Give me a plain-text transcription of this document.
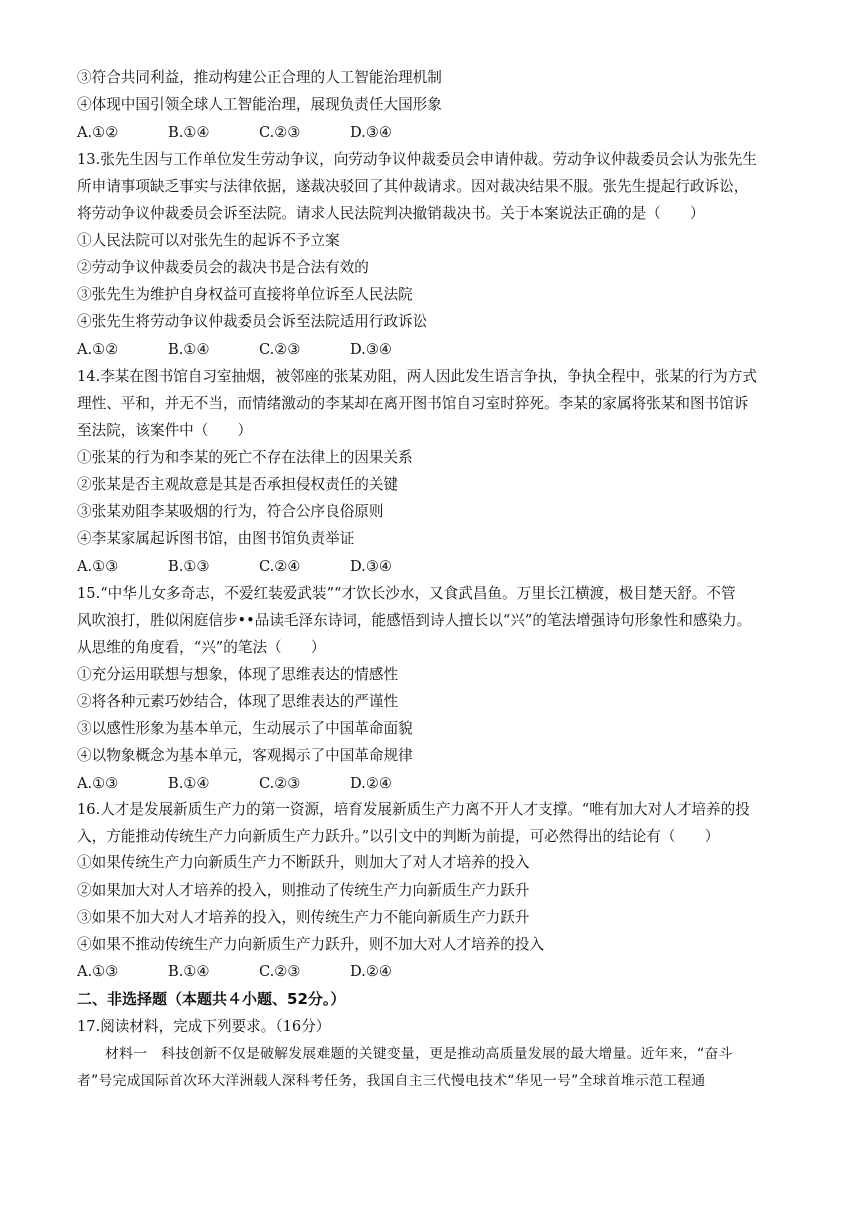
③符合共同利益，推动构建公正合理的人工智能治理机制
④体现中国引领全球人工智能治理，展现负责任大国形象
A.①②	B.①④	C.②③	D.③④
13.张先生因与工作单位发生劳动争议，向劳动争议仲裁委员会申请仲裁。劳动争议仲裁委员会认为张先生
所申请事项缺乏事实与法律依据，遂裁决驳回了其仲裁请求。因对裁决结果不服。张先生提起行政诉讼，
将劳动争议仲裁委员会诉至法院。请求人民法院判决撤销裁决书。关于本案说法正确的是（　　）
①人民法院可以对张先生的起诉不予立案
②劳动争议仲裁委员会的裁决书是合法有效的
③张先生为维护自身权益可直接将单位诉至人民法院
④张先生将劳动争议仲裁委员会诉至法院适用行政诉讼
A.①②	B.①④	C.②③	D.③④
14.李某在图书馆自习室抽烟，被邻座的张某劝阻，两人因此发生语言争执，争执全程中，张某的行为方式
理性、平和，并无不当，而情绪激动的李某却在离开图书馆自习室时猝死。李某的家属将张某和图书馆诉
至法院，该案件中（　　）
①张某的行为和李某的死亡不存在法律上的因果关系
②张某是否主观故意是其是否承担侵权责任的关键
③张某劝阻李某吸烟的行为，符合公序良俗原则
④李某家属起诉图书馆，由图书馆负责举证
A.①③	B.①③	C.②④	D.③④
15.“中华儿女多奇志，不爱红装爱武装”“才饮长沙水，又食武昌鱼。万里长江横渡，极目楚天舒。不管
风吹浪打，胜似闲庭信步••品读毛泽东诗词，能感悟到诗人擅长以“兴”的笔法增强诗句形象性和感染力。
从思维的角度看，“兴”的笔法（　　）
①充分运用联想与想象，体现了思维表达的情感性
②将各种元素巧妙结合，体现了思维表达的严谨性
③以感性形象为基本单元，生动展示了中国革命面貌
④以物象概念为基本单元，客观揭示了中国革命规律
A.①③	B.①④	C.②③	D.②④
16.人才是发展新质生产力的第一资源，培育发展新质生产力离不开人才支撑。“唯有加大对人才培养的投
入，方能推动传统生产力向新质生产力跃升。”以引文中的判断为前提，可必然得出的结论有（　　）
①如果传统生产力向新质生产力不断跃升，则加大了对人才培养的投入
②如果加大对人才培养的投入，则推动了传统生产力向新质生产力跃升
③如果不加大对人才培养的投入，则传统生产力不能向新质生产力跃升
④如果不推动传统生产力向新质生产力跃升，则不加大对人才培养的投入
A.①③	B.①④	C.②③	D.②④
二、非选择题（本题共４小题、52分。）
17.阅读材料，完成下列要求。（16分）
材料一　科技创新不仅是破解发展难题的关键变量，更是推动高质量发展的最大增量。近年来，“奋斗
者”号完成国际首次环大洋洲载人深科考任务，我国自主三代慢电技术“华见一号”全球首堆示范工程通
